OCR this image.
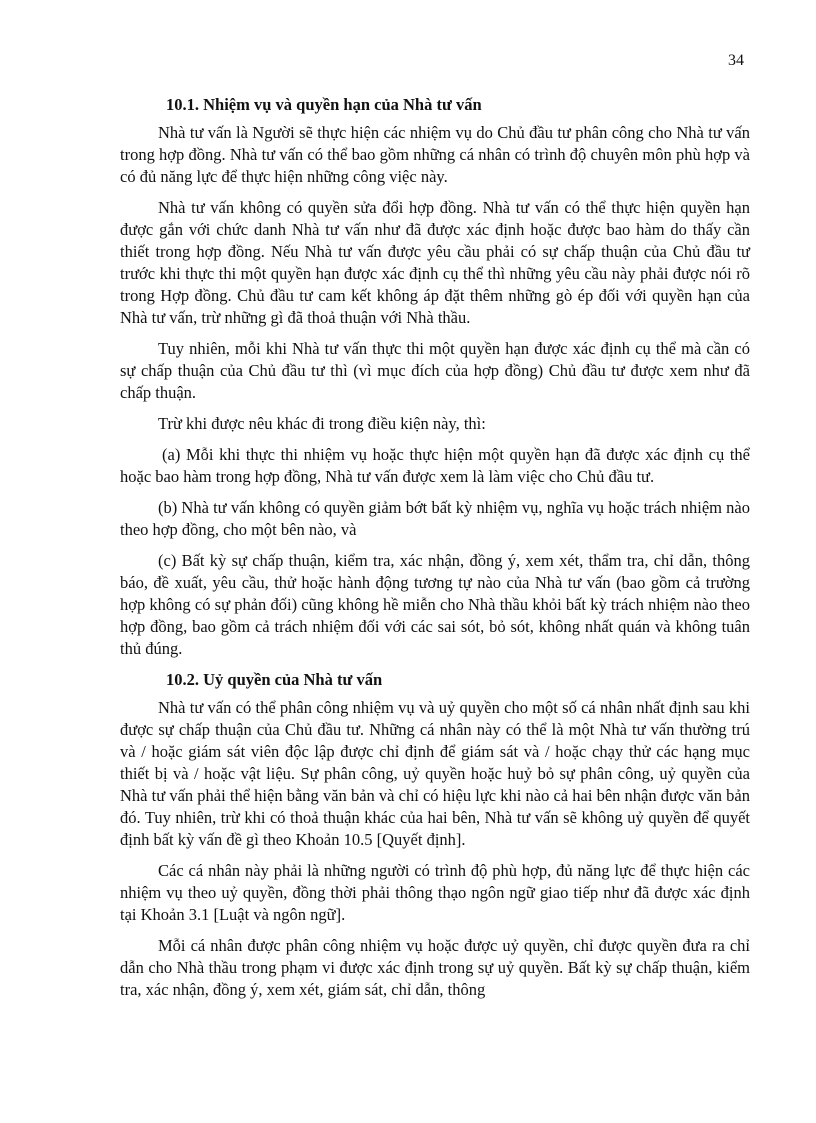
34
10.1. Nhiệm vụ và quyền hạn của Nhà tư vấn

Nhà tư vấn là Người sẽ thực hiện các nhiệm vụ do Chủ đầu tư phân công cho Nhà tư vấn trong hợp đồng. Nhà tư vấn có thể bao gồm những cá nhân có trình độ chuyên môn phù hợp và có đủ năng lực để thực hiện những công việc này.

Nhà tư vấn không có quyền sửa đổi hợp đồng. Nhà tư vấn có thể thực hiện quyền hạn được gắn với chức danh Nhà tư vấn như đã được xác định hoặc được bao hàm do thấy cần thiết trong hợp đồng. Nếu Nhà tư vấn được yêu cầu phải có sự chấp thuận của Chủ đầu tư trước khi thực thi một quyền hạn được xác định cụ thể thì những yêu cầu này phải được nói rõ trong Hợp đồng. Chủ đầu tư cam kết không áp đặt thêm những gò ép đối với quyền hạn của Nhà tư vấn, trừ những gì đã thoả thuận với Nhà thầu.

Tuy nhiên, mỗi khi Nhà tư vấn thực thi một quyền hạn được xác định cụ thể mà cần có sự chấp thuận của Chủ đầu tư thì (vì mục đích của hợp đồng) Chủ đầu tư được xem như đã chấp thuận.

Trừ khi được nêu khác đi trong điều kiện này, thì:

(a) Mỗi khi thực thi nhiệm vụ hoặc thực hiện một quyền hạn đã được xác định cụ thể hoặc bao hàm trong hợp đồng, Nhà tư vấn được xem là làm việc cho Chủ đầu tư.

(b) Nhà tư vấn không có quyền giảm bớt bất kỳ nhiệm vụ, nghĩa vụ hoặc trách nhiệm nào theo hợp đồng, cho một bên nào, và

(c) Bất kỳ sự chấp thuận, kiểm tra, xác nhận, đồng ý, xem xét, thẩm tra, chỉ dẫn, thông báo, đề xuất, yêu cầu, thử hoặc hành động tương tự nào của Nhà tư vấn (bao gồm cả trường hợp không có sự phản đối) cũng không hề miễn cho Nhà thầu khỏi bất kỳ trách nhiệm nào theo hợp đồng, bao gồm cả trách nhiệm đối với các sai sót, bỏ sót, không nhất quán và không tuân thủ đúng.

10.2. Uỷ quyền của Nhà tư vấn

Nhà tư vấn có thể phân công nhiệm vụ và uỷ quyền cho một số cá nhân nhất định sau khi được sự chấp thuận của Chủ đầu tư. Những cá nhân này có thể là một Nhà tư vấn thường trú và / hoặc giám sát viên độc lập được chỉ định để giám sát và / hoặc chạy thử các hạng mục thiết bị và / hoặc vật liệu. Sự phân công, uỷ quyền hoặc huỷ bỏ sự phân công, uỷ quyền của Nhà tư vấn phải thể hiện bằng văn bản và chỉ có hiệu lực khi nào cả hai bên nhận được văn bản đó. Tuy nhiên, trừ khi có thoả thuận khác của hai bên, Nhà tư vấn sẽ không uỷ quyền để quyết định bất kỳ vấn đề gì theo Khoản 10.5 [Quyết định].

Các cá nhân này phải là những người có trình độ phù hợp, đủ năng lực để thực hiện các nhiệm vụ theo uỷ quyền, đồng thời phải thông thạo ngôn ngữ giao tiếp như đã được xác định tại Khoản 3.1 [Luật và ngôn ngữ].

Mỗi cá nhân được phân công nhiệm vụ hoặc được uỷ quyền, chỉ được quyền đưa ra chỉ dẫn cho Nhà thầu trong phạm vi được xác định trong sự uỷ quyền. Bất kỳ sự chấp thuận, kiểm tra, xác nhận, đồng ý, xem xét, giám sát, chỉ dẫn, thông
